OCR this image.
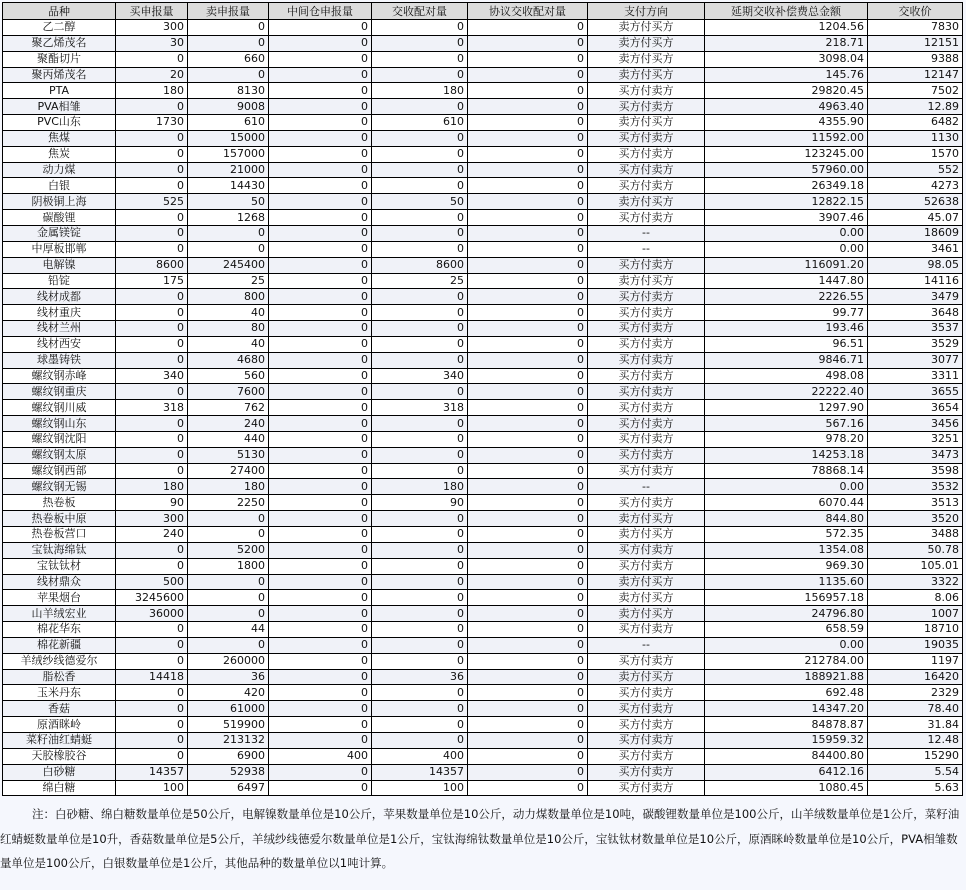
品种	买申报量	卖申报量	中间仓申报量	交收配对量	协议交收配对量	支付方向	延期交收补偿费总金额	交收价
乙二醇	300	0	0	0	0	卖方付买方	1204.56	7830
聚乙烯茂名	30	0	0	0	0	卖方付买方	218.71	12151
聚酯切片	0	660	0	0	0	卖方付买方	3098.04	9388
聚丙烯茂名	20	0	0	0	0	卖方付买方	145.76	12147
PTA	180	8130	0	180	0	买方付卖方	29820.45	7502
PVA相雏	0	9008	0	0	0	买方付卖方	4963.40	12.89
PVC山东	1730	610	0	610	0	卖方付买方	4355.90	6482
焦煤	0	15000	0	0	0	买方付卖方	11592.00	1130
焦炭	0	157000	0	0	0	买方付卖方	123245.00	1570
动力煤	0	21000	0	0	0	买方付卖方	57960.00	552
白银	0	14430	0	0	0	买方付卖方	26349.18	4273
阴极铜上海	525	50	0	50	0	卖方付买方	12822.15	52638
碳酸锂	0	1268	0	0	0	买方付卖方	3907.46	45.07
金属镁锭	0	0	0	0	0	--	0.00	18609
中厚板邯郸	0	0	0	0	0	--	0.00	3461
电解镍	8600	245400	0	8600	0	买方付卖方	116091.20	98.05
铅锭	175	25	0	25	0	卖方付买方	1447.80	14116
线材成都	0	800	0	0	0	买方付卖方	2226.55	3479
线材重庆	0	40	0	0	0	买方付卖方	99.77	3648
线材兰州	0	80	0	0	0	买方付卖方	193.46	3537
线材西安	0	40	0	0	0	买方付卖方	96.51	3529
球墨铸铁	0	4680	0	0	0	买方付卖方	9846.71	3077
螺纹钢赤峰	340	560	0	340	0	买方付卖方	498.08	3311
螺纹钢重庆	0	7600	0	0	0	买方付卖方	22222.40	3655
螺纹钢川威	318	762	0	318	0	买方付卖方	1297.90	3654
螺纹钢山东	0	240	0	0	0	买方付卖方	567.16	3456
螺纹钢沈阳	0	440	0	0	0	买方付卖方	978.20	3251
螺纹钢太原	0	5130	0	0	0	买方付卖方	14253.18	3473
螺纹钢西部	0	27400	0	0	0	买方付卖方	78868.14	3598
螺纹钢无锡	180	180	0	180	0	--	0.00	3532
热卷板	90	2250	0	90	0	买方付卖方	6070.44	3513
热卷板中原	300	0	0	0	0	卖方付买方	844.80	3520
热卷板营口	240	0	0	0	0	卖方付买方	572.35	3488
宝钛海绵钛	0	5200	0	0	0	买方付卖方	1354.08	50.78
宝钛钛材	0	1800	0	0	0	买方付卖方	969.30	105.01
线材鼎众	500	0	0	0	0	卖方付买方	1135.60	3322
苹果烟台	3245600	0	0	0	0	卖方付买方	156957.18	8.06
山羊绒宏业	36000	0	0	0	0	卖方付买方	24796.80	1007
棉花华东	0	44	0	0	0	买方付卖方	658.59	18710
棉花新疆	0	0	0	0	0	--	0.00	19035
羊绒纱线德爱尔	0	260000	0	0	0	买方付卖方	212784.00	1197
脂松香	14418	36	0	36	0	卖方付买方	188921.88	16420
玉米丹东	0	420	0	0	0	买方付卖方	692.48	2329
香菇	0	61000	0	0	0	买方付卖方	14347.20	78.40
原酒眯岭	0	519900	0	0	0	买方付卖方	84878.87	31.84
菜籽油红蜻蜓	0	213132	0	0	0	买方付卖方	15959.32	12.48
天胶橡胶谷	0	6900	400	400	0	买方付卖方	84400.80	15290
白砂糖	14357	52938	0	14357	0	买方付卖方	6412.16	5.54
绵白糖	100	6497	0	100	0	买方付卖方	1080.45	5.63
注：白砂糖、绵白糖数量单位是50公斤，电解镍数量单位是10公斤，苹果数量单位是10公斤，动力煤数量单位是10吨，碳酸锂数量单位是100公斤，山羊绒数量单位是1公斤，菜籽油红蜻蜓数量单位是10升，香菇数量单位是5公斤，羊绒纱线德爱尔数量单位是1公斤，宝钛海绵钛数量单位是10公斤，宝钛钛材数量单位是10公斤，原酒眯岭数量单位是10公斤，PVA相雏数量单位是100公斤，白银数量单位是1公斤，其他品种的数量单位以1吨计算。
